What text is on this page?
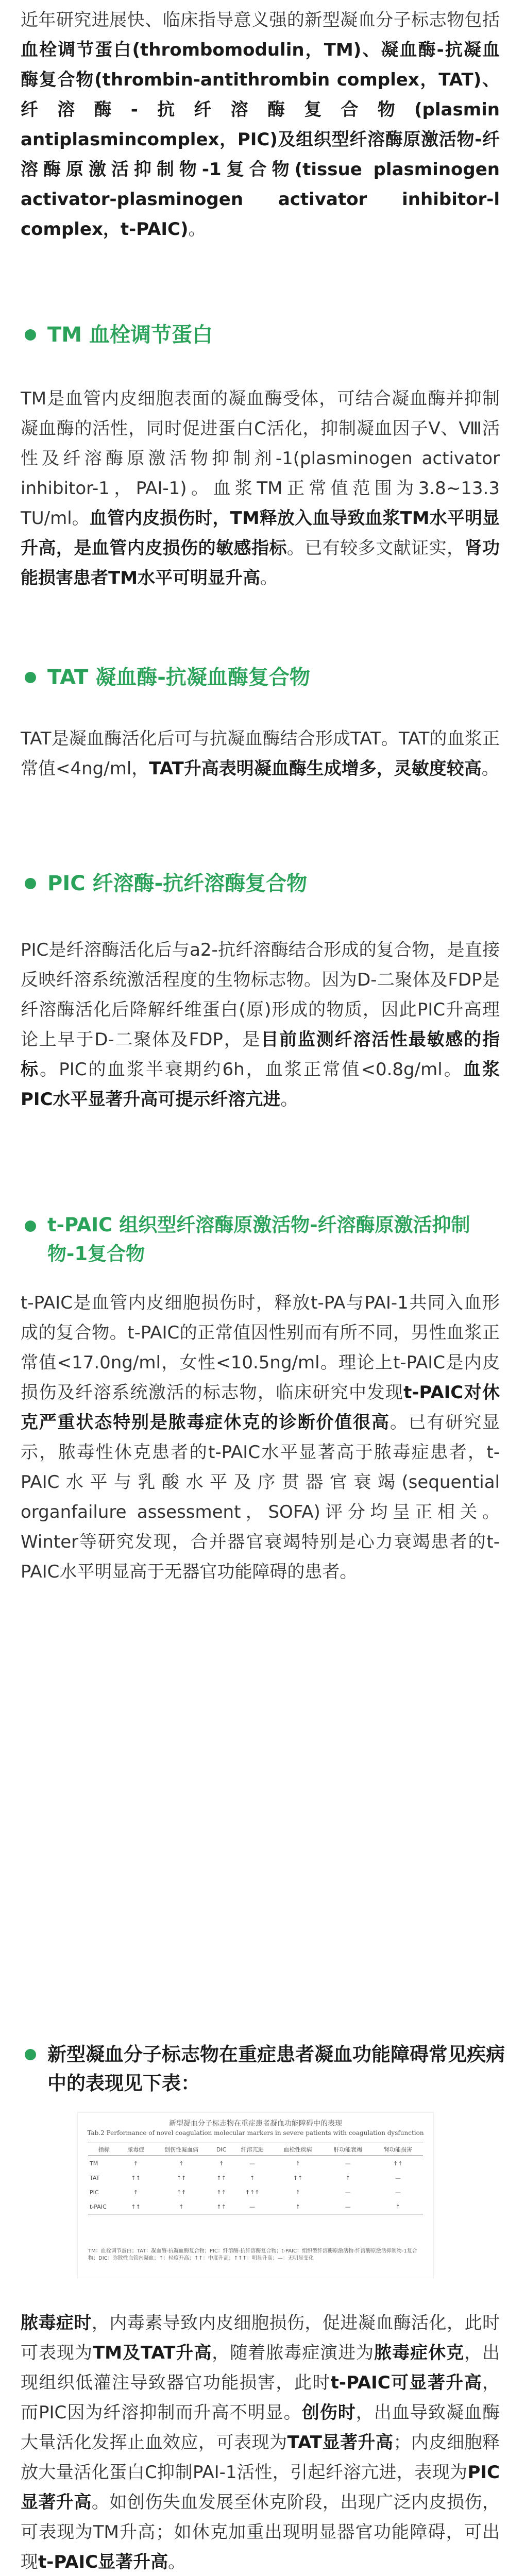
近年研究进展快、临床指导意义强的新型凝血分子标志物包括血栓调节蛋白(thrombomodulin，TM)、凝血酶-抗凝血酶复合物(thrombin-antithrombin complex，TAT)、纤溶酶-抗纤溶酶复合物(plasmin antiplasmincomplex，PIC)及组织型纤溶酶原激活物-纤溶酶原激活抑制物-1复合物(tissue plasminogen activator-plasminogen activator inhibitor-l complex，t-PAIC)。

TM 血栓调节蛋白

TM是血管内皮细胞表面的凝血酶受体，可结合凝血酶并抑制凝血酶的活性，同时促进蛋白C活化，抑制凝血因子V、Ⅷ活性及纤溶酶原激活物抑制剂-1(plasminogen activator inhibitor-1，PAI-1)。血浆TM正常值范围为3.8~13.3 TU/ml。血管内皮损伤时，TM释放入血导致血浆TM水平明显升高，是血管内皮损伤的敏感指标。已有较多文献证实，肾功能损害患者TM水平可明显升高。

TAT 凝血酶-抗凝血酶复合物

TAT是凝血酶活化后可与抗凝血酶结合形成TAT。TAT的血浆正常值<4ng/ml，TAT升高表明凝血酶生成增多，灵敏度较高。

PIC 纤溶酶-抗纤溶酶复合物

PIC是纤溶酶活化后与a2-抗纤溶酶结合形成的复合物，是直接反映纤溶系统激活程度的生物标志物。因为D-二聚体及FDP是纤溶酶活化后降解纤维蛋白(原)形成的物质，因此PIC升高理论上早于D-二聚体及FDP，是目前监测纤溶活性最敏感的指标。PIC的血浆半衰期约6h，血浆正常值<0.8g/ml。血浆PIC水平显著升高可提示纤溶亢进。

t-PAIC 组织型纤溶酶原激活物-纤溶酶原激活抑制物-1复合物

t-PAIC是血管内皮细胞损伤时，释放t-PA与PAI-1共同入血形成的复合物。t-PAIC的正常值因性别而有所不同，男性血浆正常值<17.0ng/ml，女性<10.5ng/ml。理论上t-PAIC是内皮损伤及纤溶系统激活的标志物，临床研究中发现t-PAIC对休克严重状态特别是脓毒症休克的诊断价值很高。已有研究显示，脓毒性休克患者的t-PAIC水平显著高于脓毒症患者，t-PAIC水平与乳酸水平及序贯器官衰竭(sequential organfailure assessment，SOFA)评分均呈正相关。Winter等研究发现，合并器官衰竭特别是心力衰竭患者的t-PAIC水平明显高于无器官功能障碍的患者。

新型凝血分子标志物在重症患者凝血功能障碍常见疾病中的表现见下表：
新型凝血分子标志物在重症患者凝血功能障碍中的表现
Tab.2 Performance of novel coagulation molecular markers in severe patients with coagulation dysfunction
指标	脓毒症	创伤性凝血病	DIC	纤溶亢进	血栓性疾病	肝功能衰竭	肾功能损害
TM	↑	↑	↑	—	↑	—	↑↑
TAT	↑↑	↑↑	↑↑	↑	↑↑	↑	—
PIC	↑	↑↑	↑↑	↑↑↑	↑	—	—
t-PAIC	↑↑	↑	↑↑	—	↑	—	↑
TM：血栓调节蛋白；TAT：凝血酶-抗凝血酶复合物；PIC：纤溶酶-抗纤溶酶复合物；t-PAIC：组织型纤溶酶原激活物-纤溶酶原激活抑制物-1复合物；DIC：弥散性血管内凝血；↑：轻度升高；↑↑：中度升高；↑↑↑：明显升高；—：无明显变化

脓毒症时，内毒素导致内皮细胞损伤，促进凝血酶活化，此时可表现为TM及TAT升高，随着脓毒症演进为脓毒症休克，出现组织低灌注导致器官功能损害，此时t-PAIC可显著升高，而PIC因为纤溶抑制而升高不明显。创伤时，出血导致凝血酶大量活化发挥止血效应，可表现为TAT显著升高；内皮细胞释放大量活化蛋白C抑制PAI-1活性，引起纤溶亢进，表现为PIC显著升高。如创伤失血发展至休克阶段，出现广泛内皮损伤，可表现为TM升高；如休克加重出现明显器官功能障碍，可出现t-PAIC显著升高。
